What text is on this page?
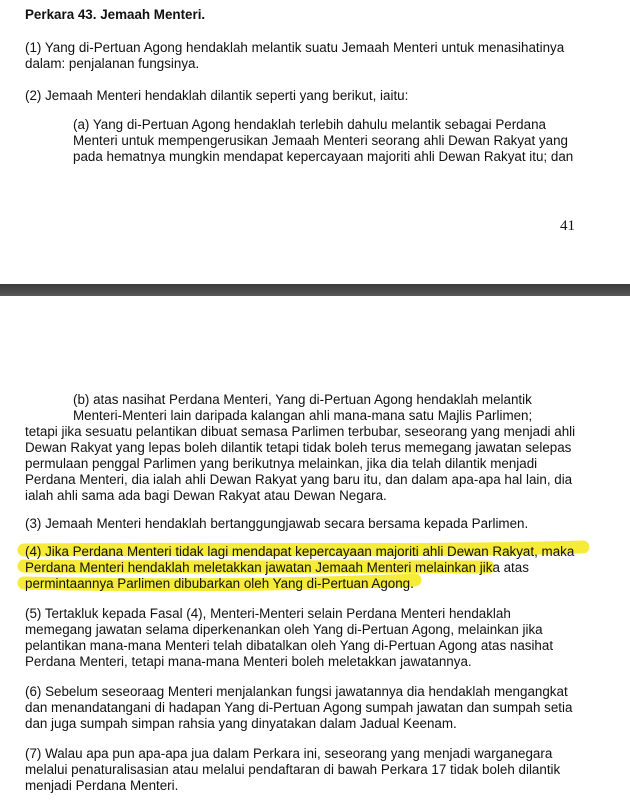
Perkara 43. Jemaah Menteri.
(1) Yang di-Pertuan Agong hendaklah melantik suatu Jemaah Menteri untuk menasihatinya
dalam: penjalanan fungsinya.
(2) Jemaah Menteri hendaklah dilantik seperti yang berikut, iaitu:
(a) Yang di-Pertuan Agong hendaklah terlebih dahulu melantik sebagai Perdana
Menteri untuk mempengerusikan Jemaah Menteri seorang ahli Dewan Rakyat yang
pada hematnya mungkin mendapat kepercayaan majoriti ahli Dewan Rakyat itu; dan
41
(b) atas nasihat Perdana Menteri, Yang di-Pertuan Agong hendaklah melantik
Menteri-Menteri lain daripada kalangan ahli mana-mana satu Majlis Parlimen;
tetapi jika sesuatu pelantikan dibuat semasa Parlimen terbubar, seseorang yang menjadi ahli
Dewan Rakyat yang lepas boleh dilantik tetapi tidak boleh terus memegang jawatan selepas
permulaan penggal Parlimen yang berikutnya melainkan, jika dia telah dilantik menjadi
Perdana Menteri, dia ialah ahli Dewan Rakyat yang baru itu, dan dalam apa-apa hal lain, dia
ialah ahli sama ada bagi Dewan Rakyat atau Dewan Negara.
(3) Jemaah Menteri hendaklah bertanggungjawab secara bersama kepada Parlimen.
(4) Jika Perdana Menteri tidak lagi mendapat kepercayaan majoriti ahli Dewan Rakyat, maka
Perdana Menteri hendaklah meletakkan jawatan Jemaah Menteri melainkan jika atas
permintaannya Parlimen dibubarkan oleh Yang di-Pertuan Agong.
(5) Tertakluk kepada Fasal (4), Menteri-Menteri selain Perdana Menteri hendaklah
memegang jawatan selama diperkenankan oleh Yang di-Pertuan Agong, melainkan jika
pelantikan mana-mana Menteri telah dibatalkan oleh Yang di-Pertuan Agong atas nasihat
Perdana Menteri, tetapi mana-mana Menteri boleh meletakkan jawatannya.
(6) Sebelum seseoraag Menteri menjalankan fungsi jawatannya dia hendaklah mengangkat
dan menandatangani di hadapan Yang di-Pertuan Agong sumpah jawatan dan sumpah setia
dan juga sumpah simpan rahsia yang dinyatakan dalam Jadual Keenam.
(7) Walau apa pun apa-apa jua dalam Perkara ini, seseorang yang menjadi warganegara
melalui penaturalisasian atau melalui pendaftaran di bawah Perkara 17 tidak boleh dilantik
menjadi Perdana Menteri.
